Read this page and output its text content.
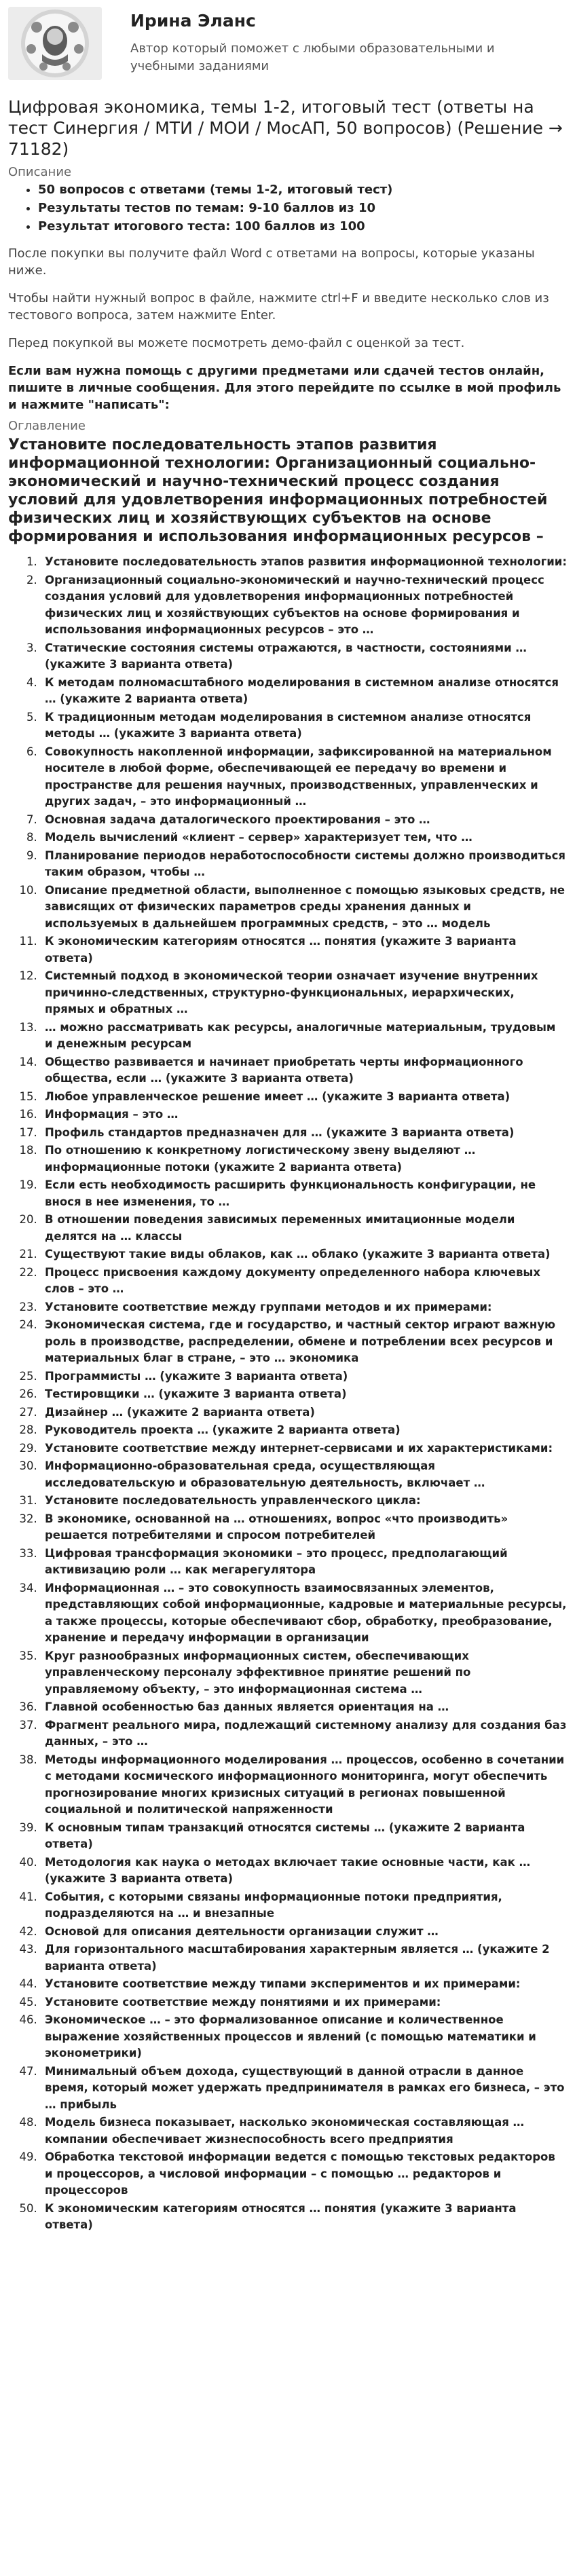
Ирина Эланс
Автор который поможет с любыми образовательными и учебными заданиями
Цифровая экономика, темы 1-2, итоговый тест (ответы на тест Синергия / МТИ / МОИ / МосАП, 50 вопросов) (Решение → 71182)
Описание
• 50 вопросов с ответами (темы 1-2, итоговый тест)
• Результаты тестов по темам: 9-10 баллов из 10
• Результат итогового теста: 100 баллов из 100

После покупки вы получите файл Word с ответами на вопросы, которые указаны ниже.

Чтобы найти нужный вопрос в файле, нажмите ctrl+F и введите несколько слов из тестового вопроса, затем нажмите Enter.

Перед покупкой вы можете посмотреть демо-файл с оценкой за тест.

Если вам нужна помощь с другими предметами или сдачей тестов онлайн, пишите в личные сообщения. Для этого перейдите по ссылке в мой профиль и нажмите "написать":

Оглавление
Установите последовательность этапов развития информационной технологии: Организационный социально-экономический и научно-технический процесс создания условий для удовлетворения информационных потребностей физических лиц и хозяйствующих субъектов на основе формирования и использования информационных ресурсов –
1. Установите последовательность этапов развития информационной технологии:
2. Организационный социально-экономический и научно-технический процесс создания условий для удовлетворения информационных потребностей физических лиц и хозяйствующих субъектов на основе формирования и использования информационных ресурсов – это …
3. Статические состояния системы отражаются, в частности, состояниями … (укажите 3 варианта ответа)
4. К методам полномасштабного моделирования в системном анализе относятся … (укажите 2 варианта ответа)
5. К традиционным методам моделирования в системном анализе относятся методы … (укажите 3 варианта ответа)
6. Совокупность накопленной информации, зафиксированной на материальном носителе в любой форме, обеспечивающей ее передачу во времени и пространстве для решения научных, производственных, управленческих и других задач, – это информационный …
7. Основная задача даталогического проектирования – это …
8. Модель вычислений «клиент – сервер» характеризует тем, что …
9. Планирование периодов неработоспособности системы должно производиться таким образом, чтобы …
10. Описание предметной области, выполненное с помощью языковых средств, не зависящих от физических параметров среды хранения данных и используемых в дальнейшем программных средств, – это … модель
11. К экономическим категориям относятся … понятия (укажите 3 варианта ответа)
12. Системный подход в экономической теории означает изучение внутренних причинно-следственных, структурно-функциональных, иерархических, прямых и обратных …
13. … можно рассматривать как ресурсы, аналогичные материальным, трудовым и денежным ресурсам
14. Общество развивается и начинает приобретать черты информационного общества, если … (укажите 3 варианта ответа)
15. Любое управленческое решение имеет … (укажите 3 варианта ответа)
16. Информация – это …
17. Профиль стандартов предназначен для … (укажите 3 варианта ответа)
18. По отношению к конкретному логистическому звену выделяют … информационные потоки (укажите 2 варианта ответа)
19. Если есть необходимость расширить функциональность конфигурации, не внося в нее изменения, то …
20. В отношении поведения зависимых переменных имитационные модели делятся на … классы
21. Существуют такие виды облаков, как … облако (укажите 3 варианта ответа)
22. Процесс присвоения каждому документу определенного набора ключевых слов – это …
23. Установите соответствие между группами методов и их примерами:
24. Экономическая система, где и государство, и частный сектор играют важную роль в производстве, распределении, обмене и потреблении всех ресурсов и материальных благ в стране, – это … экономика
25. Программисты … (укажите 3 варианта ответа)
26. Тестировщики … (укажите 3 варианта ответа)
27. Дизайнер … (укажите 2 варианта ответа)
28. Руководитель проекта … (укажите 2 варианта ответа)
29. Установите соответствие между интернет-сервисами и их характеристиками:
30. Информационно-образовательная среда, осуществляющая исследовательскую и образовательную деятельность, включает …
31. Установите последовательность управленческого цикла:
32. В экономике, основанной на … отношениях, вопрос «что производить» решается потребителями и спросом потребителей
33. Цифровая трансформация экономики – это процесс, предполагающий активизацию роли … как мегарегулятора
34. Информационная … – это совокупность взаимосвязанных элементов, представляющих собой информационные, кадровые и материальные ресурсы, а также процессы, которые обеспечивают сбор, обработку, преобразование, хранение и передачу информации в организации
35. Круг разнообразных информационных систем, обеспечивающих управленческому персоналу эффективное принятие решений по управляемому объекту, – это информационная система …
36. Главной особенностью баз данных является ориентация на …
37. Фрагмент реального мира, подлежащий системному анализу для создания баз данных, – это …
38. Методы информационного моделирования … процессов, особенно в сочетании с методами космического информационного мониторинга, могут обеспечить прогнозирование многих кризисных ситуаций в регионах повышенной социальной и политической напряженности
39. К основным типам транзакций относятся системы … (укажите 2 варианта ответа)
40. Методология как наука о методах включает такие основные части, как … (укажите 3 варианта ответа)
41. События, с которыми связаны информационные потоки предприятия, подразделяются на … и внезапные
42. Основой для описания деятельности организации служит …
43. Для горизонтального масштабирования характерным является … (укажите 2 варианта ответа)
44. Установите соответствие между типами экспериментов и их примерами:
45. Установите соответствие между понятиями и их примерами:
46. Экономическое … – это формализованное описание и количественное выражение хозяйственных процессов и явлений (с помощью математики и эконометрики)
47. Минимальный объем дохода, существующий в данной отрасли в данное время, который может удержать предпринимателя в рамках его бизнеса, – это … прибыль
48. Модель бизнеса показывает, насколько экономическая составляющая … компании обеспечивает жизнеспособность всего предприятия
49. Обработка текстовой информации ведется с помощью текстовых редакторов и процессоров, а числовой информации – с помощью … редакторов и процессоров
50. К экономическим категориям относятся … понятия (укажите 3 варианта ответа)
